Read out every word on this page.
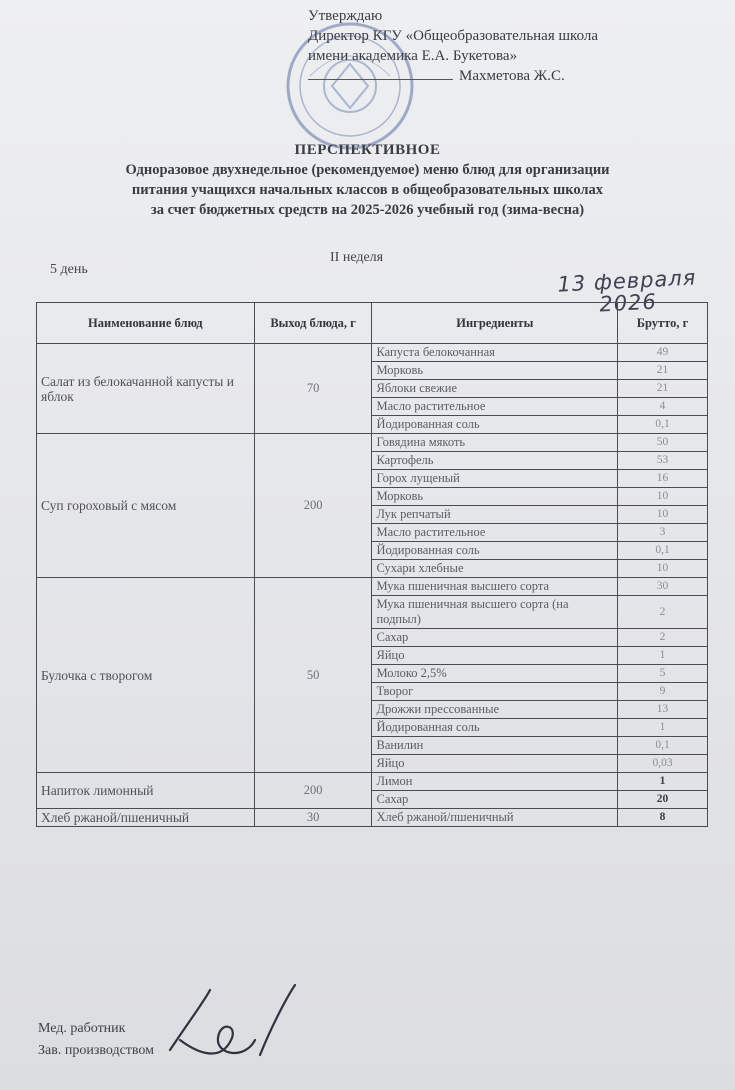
Утверждаю
Директор КГУ «Общеобразовательная школа
имени академика Е.А. Букетова»
Махметова Ж.С.
ПЕРСПЕКТИВНОЕ
Одноразовое двухнедельное (рекомендуемое) меню блюд для организации
питания учащихся начальных классов в общеобразовательных школах
за счет бюджетных средств на 2025-2026 учебный год (зима-весна)
II неделя
5 день	13 февраля
2026
Наименование блюд	Выход блюда, г	Ингредиенты	Брутто, г
Салат из белокачанной капусты и яблок	70	Капуста белокочанная	49
		Морковь	21
		Яблоки свежие	21
		Масло растительное	4
		Йодированная соль	0,1
Суп гороховый с мясом	200	Говядина мякоть	50
		Картофель	53
		Горох лущеный	16
		Морковь	10
		Лук репчатый	10
		Масло растительное	3
		Йодированная соль	0,1
		Сухари хлебные	10
Булочка с творогом	50	Мука пшеничная высшего сорта	30
		Мука пшеничная высшего сорта (на подпыл)	2
		Сахар	2
		Яйцо	1
		Молоко 2,5%	5
		Творог	9
		Дрожжи прессованные	13
		Йодированная соль	1
		Ванилин	0,1
		Яйцо	0,03
Напиток лимонный	200	Лимон	1
		Сахар	20
Хлеб ржаной/пшеничный	30	Хлеб ржаной/пшеничный	8
Мед. работник
Зав. производством
